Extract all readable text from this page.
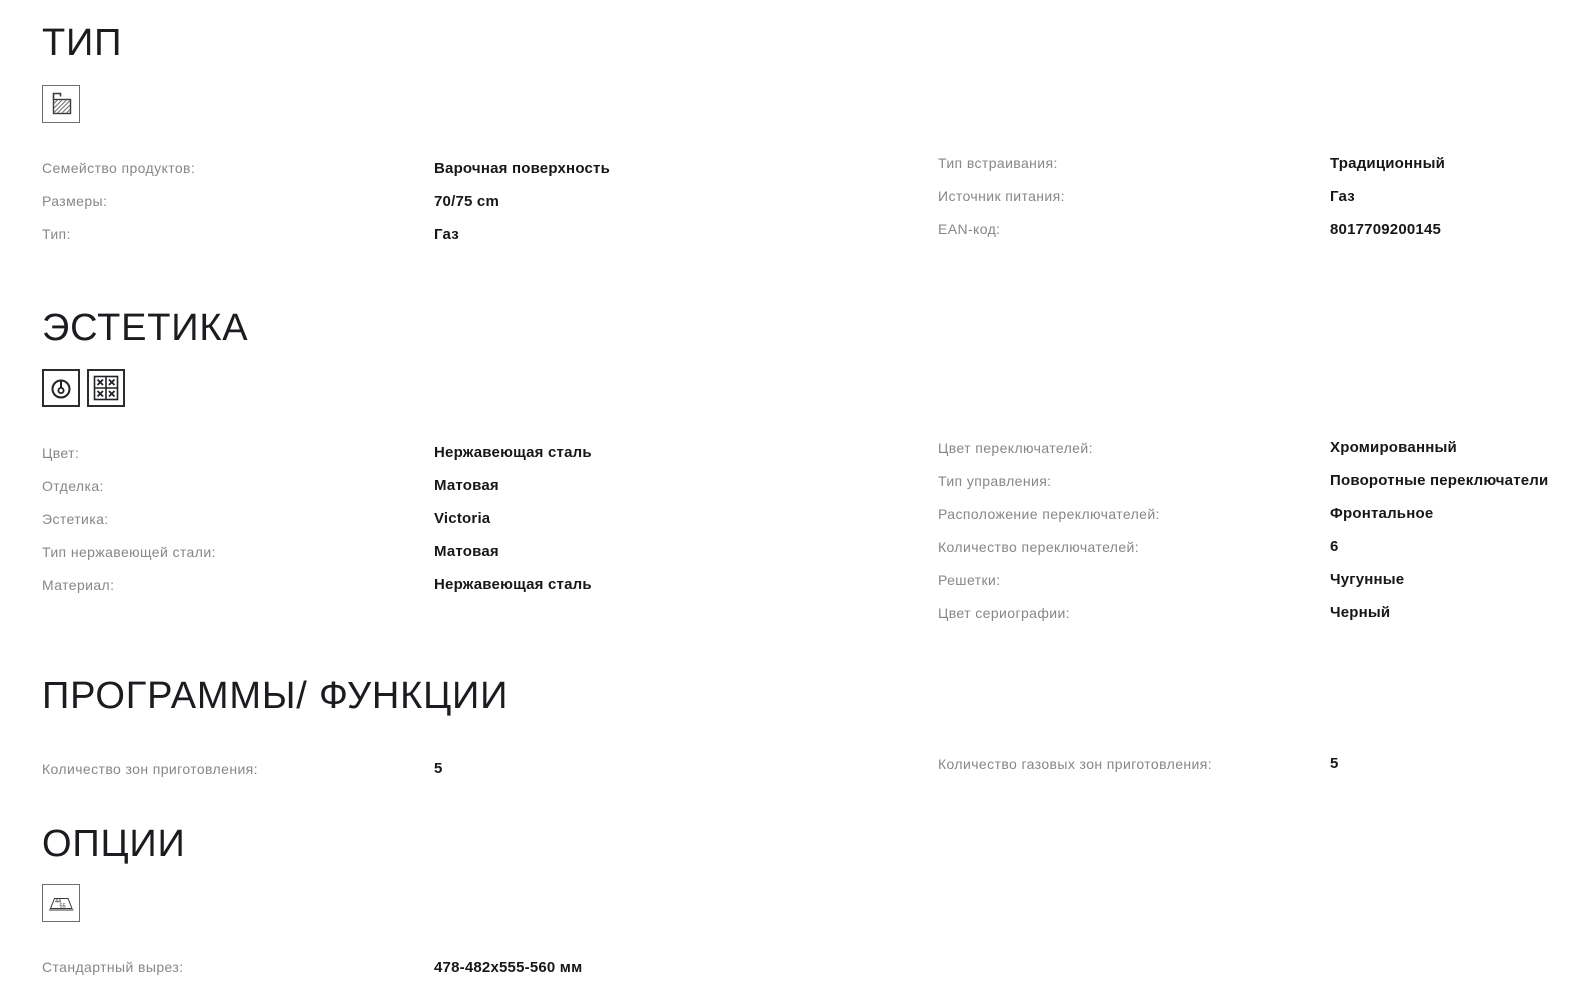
ТИП
Семейство продуктов:	Варочная поверхность
Размеры:	70/75 cm
Тип:	Газ
Тип встраивания:	Традиционный
Источник питания:	Газ
EAN-код:	8017709200145
ЭСТЕТИКА
Цвет:	Нержавеющая сталь
Отделка:	Матовая
Эстетика:	Victoria
Тип нержавеющей стали:	Матовая
Материал:	Нержавеющая сталь
Цвет переключателей:	Хромированный
Тип управления:	Поворотные переключатели
Расположение переключателей:	Фронтальное
Количество переключателей:	6
Решетки:	Чугунные
Цвет сериографии:	Черный
ПРОГРАММЫ/ ФУНКЦИИ
Количество зон приготовления:	5	Количество газовых зон приготовления:	5
ОПЦИИ
44
55
Стандартный вырез:	478-482x555-560 мм
